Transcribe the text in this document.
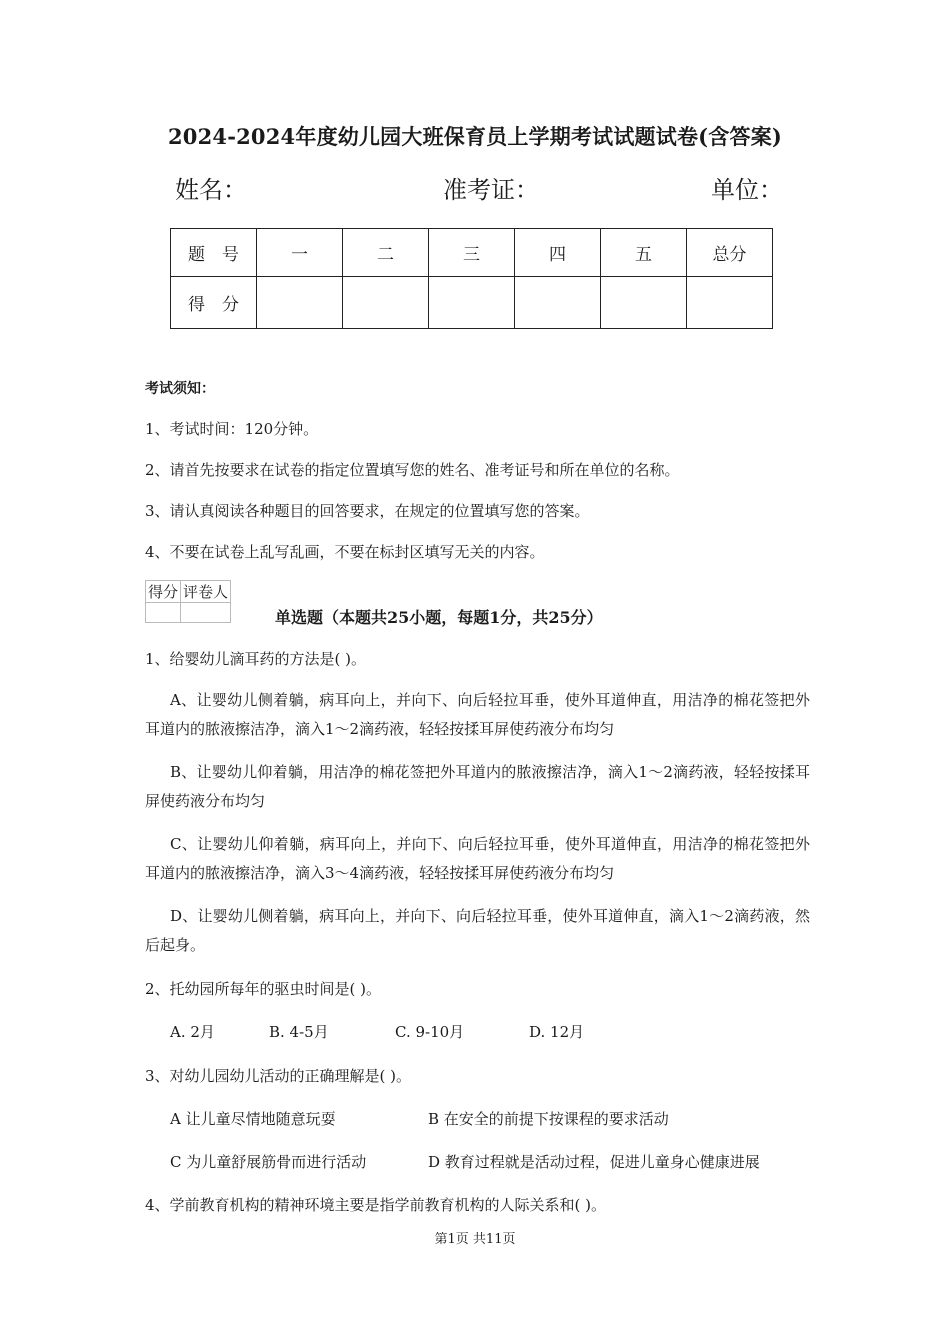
2024-2024年度幼儿园大班保育员上学期考试试题试卷(含答案)
姓名：	准考证：	单位：
题　号	一	二	三	四	五	总分
得　分						
考试须知：
1、考试时间：120分钟。
2、请首先按要求在试卷的指定位置填写您的姓名、准考证号和所在单位的名称。
3、请认真阅读各种题目的回答要求，在规定的位置填写您的答案。
4、不要在试卷上乱写乱画，不要在标封区填写无关的内容。
得分	评卷人

单选题（本题共25小题，每题1分，共25分）
1、给婴幼儿滴耳药的方法是( )。
A、让婴幼儿侧着躺，病耳向上，并向下、向后轻拉耳垂，使外耳道伸直，用洁净的棉花签把外耳道内的脓液擦洁净，滴入1～2滴药液，轻轻按揉耳屏使药液分布均匀
B、让婴幼儿仰着躺，用洁净的棉花签把外耳道内的脓液擦洁净，滴入1～2滴药液，轻轻按揉耳屏使药液分布均匀
C、让婴幼儿仰着躺，病耳向上，并向下、向后轻拉耳垂，使外耳道伸直，用洁净的棉花签把外耳道内的脓液擦洁净，滴入3～4滴药液，轻轻按揉耳屏使药液分布均匀
D、让婴幼儿侧着躺，病耳向上，并向下、向后轻拉耳垂，使外耳道伸直，滴入1～2滴药液，然后起身。
2、托幼园所每年的驱虫时间是( )。
A. 2月	B. 4-5月	C. 9-10月	D. 12月
3、对幼儿园幼儿活动的正确理解是( )。
A 让儿童尽情地随意玩耍	B 在安全的前提下按课程的要求活动
C 为儿童舒展筋骨而进行活动	D 教育过程就是活动过程，促进儿童身心健康进展
4、学前教育机构的精神环境主要是指学前教育机构的人际关系和( )。
第1页 共11页
